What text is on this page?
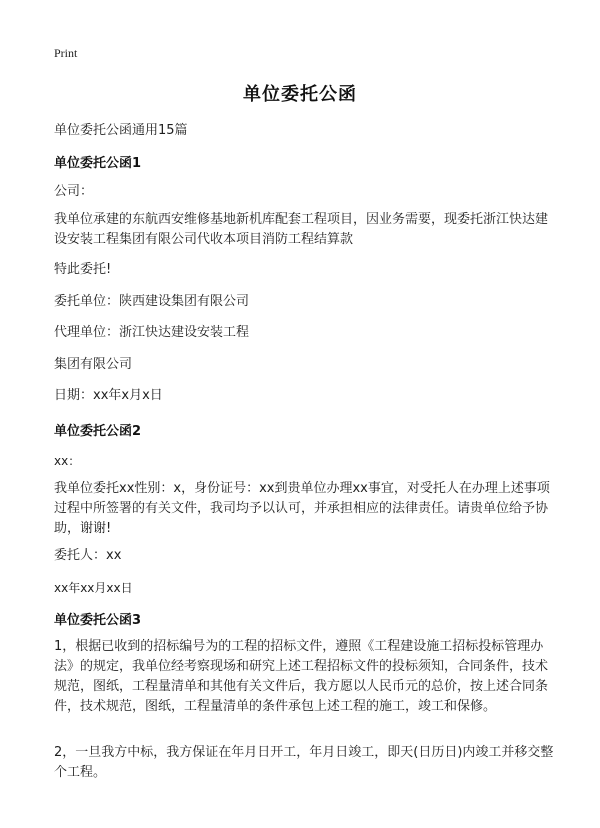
Print
单位委托公函
单位委托公函通用15篇
单位委托公函1
公司：
我单位承建的东航西安维修基地新机库配套工程项目，因业务需要，现委托浙江快达建设安装工程集团有限公司代收本项目消防工程结算款
特此委托!
委托单位：陕西建设集团有限公司
代理单位：浙江快达建设安装工程
集团有限公司
日期：xx年x月x日
单位委托公函2
xx：
我单位委托xx性别：x，身份证号：xx到贵单位办理xx事宜，对受托人在办理上述事项过程中所签署的有关文件，我司均予以认可，并承担相应的法律责任。请贵单位给予协助，谢谢!
委托人：xx
xx年xx月xx日
单位委托公函3
1，根据已收到的招标编号为的工程的招标文件，遵照《工程建设施工招标投标管理办法》的规定，我单位经考察现场和研究上述工程招标文件的投标须知，合同条件，技术规范，图纸，工程量清单和其他有关文件后，我方愿以人民币元的总价，按上述合同条件，技术规范，图纸，工程量清单的条件承包上述工程的施工，竣工和保修。
2，一旦我方中标，我方保证在年月日开工，年月日竣工，即天(日历日)内竣工并移交整个工程。
